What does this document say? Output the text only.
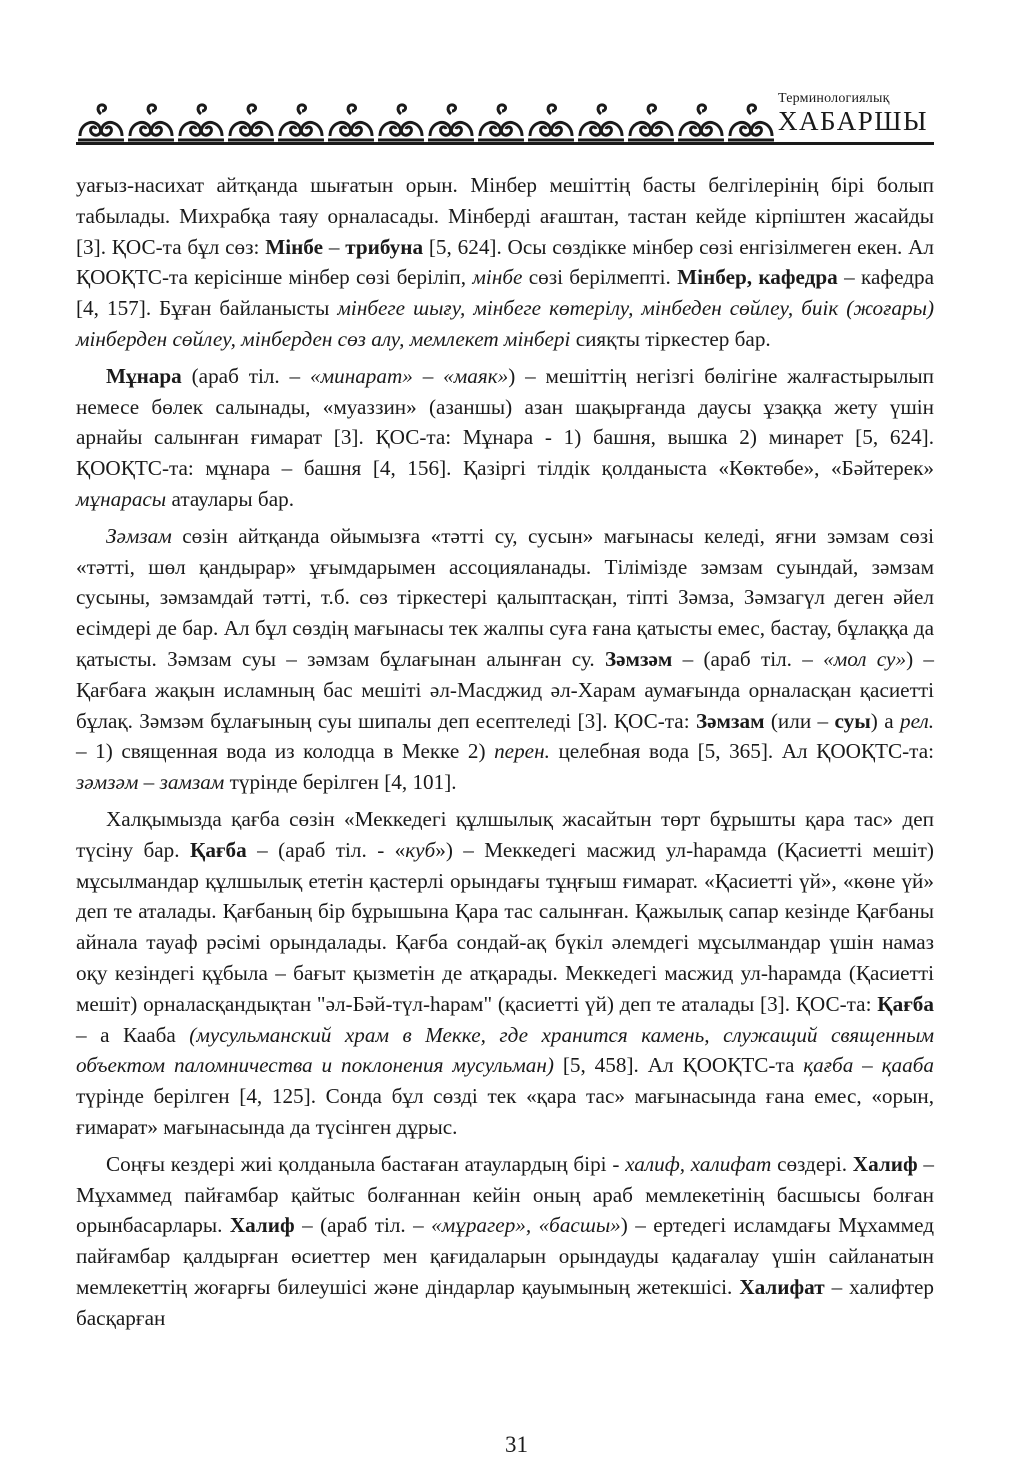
Терминологиялық
ХАБАРШЫ

уағыз-насихат айтқанда шығатын орын. Мінбер мешіттің басты белгілерінің бірі болып табылады. Михрабқа таяу орналасады. Мінберді ағаштан, тастан кейде кірпіштен жасайды [3]. ҚОС-та бұл сөз: Мінбе – трибуна [5, 624]. Осы сөздікке мінбер сөзі енгізілмеген екен. Ал ҚООҚТС-та керісінше мінбер сөзі беріліп, мінбе сөзі берілмепті. Мінбер, кафедра – кафедра [4, 157]. Бұған байланысты мінбеге шығу, мінбеге көтерілу, мінбеден сөйлеу, биік (жоғары) мінберден сөйлеу, мінберден сөз алу, мемлекет мінбері сияқты тіркестер бар.

Мұнара (араб тіл. – «минарат» – «маяк») – мешіттің негізгі бөлігіне жалғастырылып немесе бөлек салынады, «муаззин» (азаншы) азан шақырғанда даусы ұзаққа жету үшін арнайы салынған ғимарат [3]. ҚОС-та: Мұнара - 1) башня, вышка 2) минарет [5, 624]. ҚООҚТС-та: мұнара – башня [4, 156]. Қазіргі тілдік қолданыста «Көктөбе», «Бәйтерек» мұнарасы атаулары бар.

Зәмзам сөзін айтқанда ойымызға «тәтті су, сусын» мағынасы келеді, яғни зәмзам сөзі «тәтті, шөл қандырар» ұғымдарымен ассоцияланады. Тілімізде зәмзам суындай, зәмзам сусыны, зәмзамдай тәтті, т.б. сөз тіркестері қалыптасқан, тіпті Зәмза, Зәмзагүл деген әйел есімдері де бар. Ал бұл сөздің мағынасы тек жалпы суға ғана қатысты емес, бастау, бұлаққа да қатысты. Зәмзам суы – зәмзам бұлағынан алынған су. Зәмзәм – (араб тіл. – «мол су») – Қағбаға жақын исламның бас мешіті әл-Масджид әл-Харам аумағында орналасқан қасиетті бұлақ. Зәмзәм бұлағының суы шипалы деп есептеледі [3]. ҚОС-та: Зәмзам (или – суы) а рел. – 1) священная вода из колодца в Мекке 2) перен. целебная вода [5, 365]. Ал ҚООҚТС-та: зәмзәм – замзам түрінде берілген [4, 101].

Халқымызда қағба сөзін «Меккедегі құлшылық жасайтын төрт бұрышты қара тас» деп түсіну бар. Қағба – (араб тіл. - «куб») – Меккедегі масжид ул-һарамда (Қасиетті мешіт) мұсылмандар құлшылық ететін қастерлі орындағы тұңғыш ғимарат. «Қасиетті үй», «көне үй» деп те аталады. Қағбаның бір бұрышына Қара тас салынған. Қажылық сапар кезінде Қағбаны айнала тауаф рәсімі орындалады. Қағба сондай-ақ бүкіл әлемдегі мұсылмандар үшін намаз оқу кезіндегі құбыла – бағыт қызметін де атқарады. Меккедегі масжид ул-һарамда (Қасиетті мешіт) орналасқандықтан "әл-Бәй-түл-һарам" (қасиетті үй) деп те аталады [3]. ҚОС-та: Қағба – а Кааба (мусульманский храм в Мекке, где хранится камень, служащий священным объектом паломничества и поклонения мусульман) [5, 458]. Ал ҚООҚТС-та қағба – қааба түрінде берілген [4, 125]. Сонда бұл сөзді тек «қара тас» мағынасында ғана емес, «орын, ғимарат» мағынасында да түсінген дұрыс.

Соңғы кездері жиі қолданыла бастаған атаулардың бірі - халиф, халифат сөздері. Халиф – Мұхаммед пайғамбар қайтыс болғаннан кейін оның араб мемлекетінің басшысы болған орынбасарлары. Халиф – (араб тіл. – «мұрагер», «басшы») – ертедегі исламдағы Мұхаммед пайғамбар қалдырған өсиеттер мен қағидаларын орындауды қадағалау үшін сайланатын мемлекеттің жоғарғы билеушісі және діндарлар қауымының жетекшісі. Халифат – халифтер басқарған

31
